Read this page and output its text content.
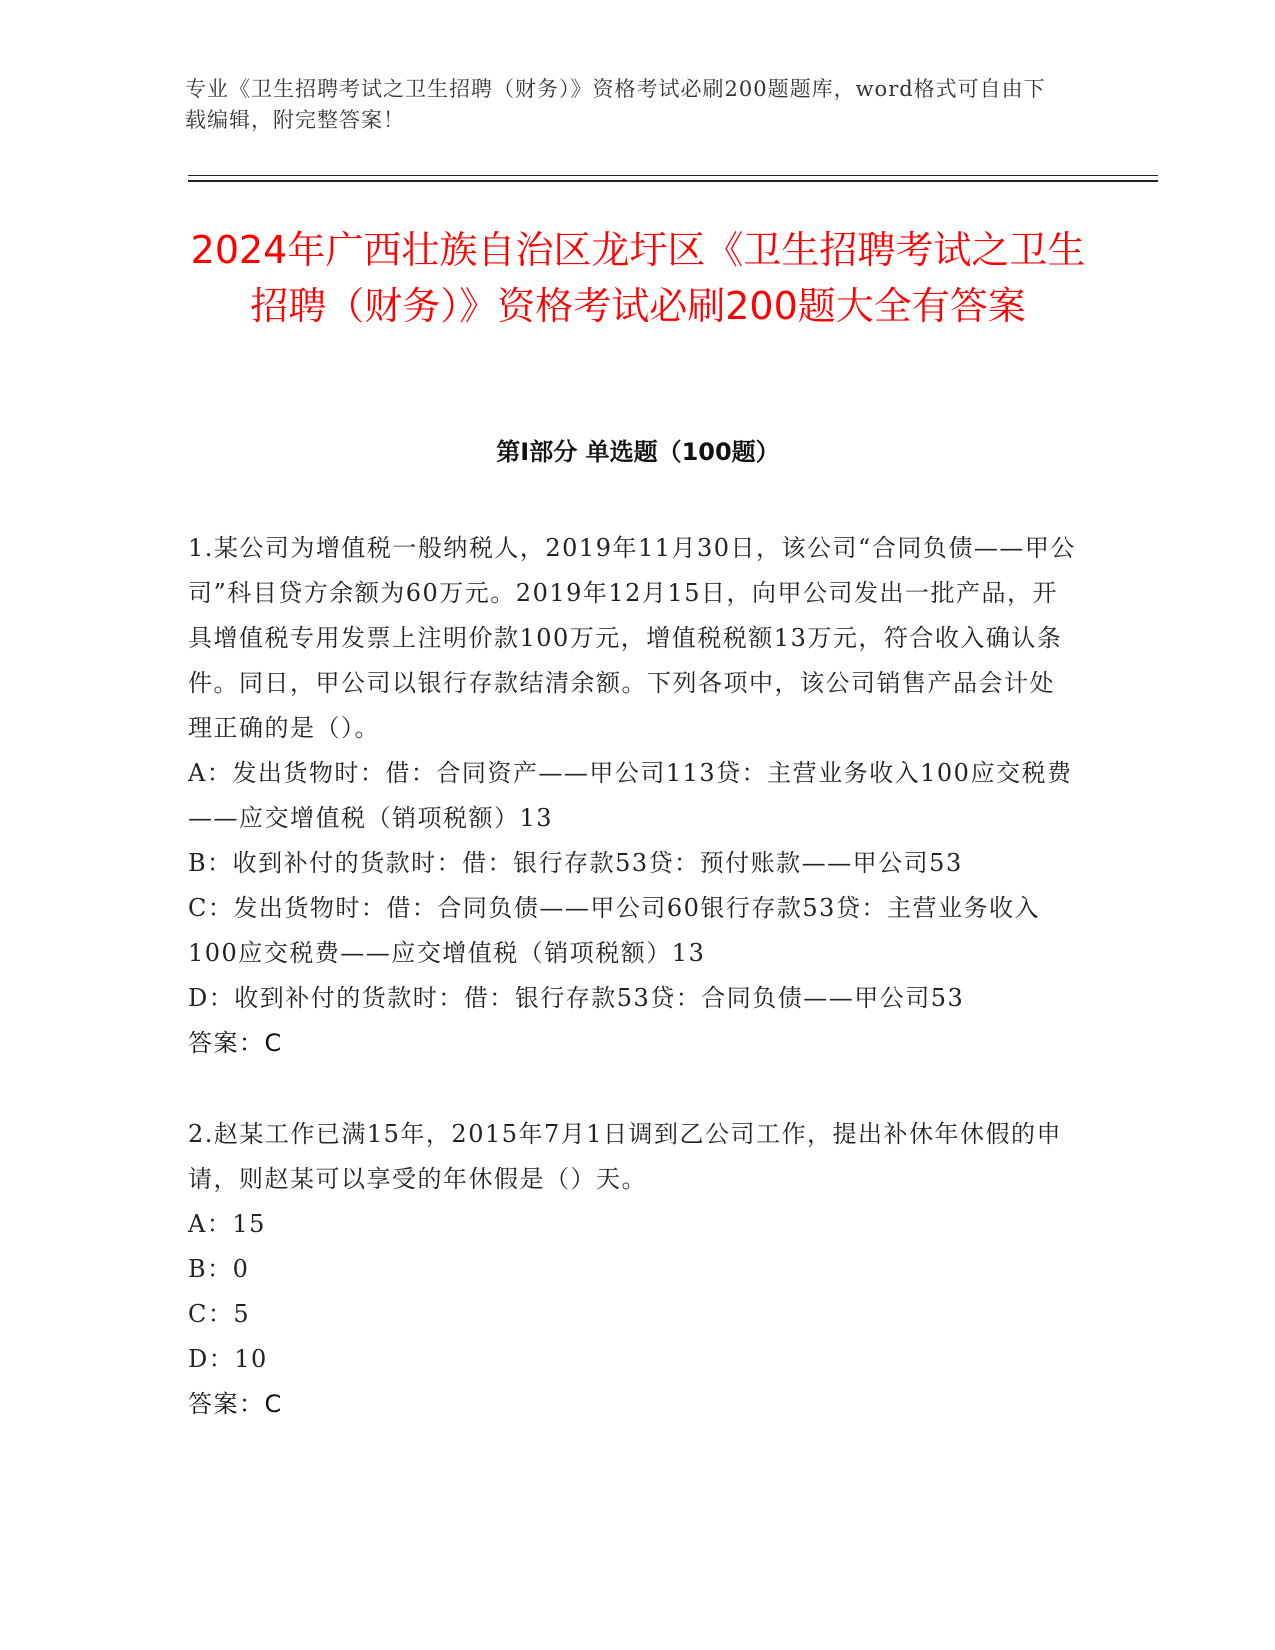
专业《卫生招聘考试之卫生招聘（财务）》资格考试必刷200题题库，word格式可自由下载编辑，附完整答案！
2024年广西壮族自治区龙圩区《卫生招聘考试之卫生招聘（财务）》资格考试必刷200题大全有答案
第Ⅰ部分 单选题（100题）

1.某公司为增值税一般纳税人，2019年11月30日，该公司“合同负债——甲公司”科目贷方余额为60万元。2019年12月15日，向甲公司发出一批产品，开具增值税专用发票上注明价款100万元，增值税税额13万元，符合收入确认条件。同日，甲公司以银行存款结清余额。下列各项中，该公司销售产品会计处理正确的是（）。

A：发出货物时：借：合同资产——甲公司113贷：主营业务收入100应交税费——应交增值税（销项税额）13

B：收到补付的货款时：借：银行存款53贷：预付账款——甲公司53

C：发出货物时：借：合同负债——甲公司60银行存款53贷：主营业务收入100应交税费——应交增值税（销项税额）13

D：收到补付的货款时：借：银行存款53贷：合同负债——甲公司53

答案：C

2.赵某工作已满15年，2015年7月1日调到乙公司工作，提出补休年休假的申请，则赵某可以享受的年休假是（）天。

A：15

B：0

C：5

D：10

答案：C
